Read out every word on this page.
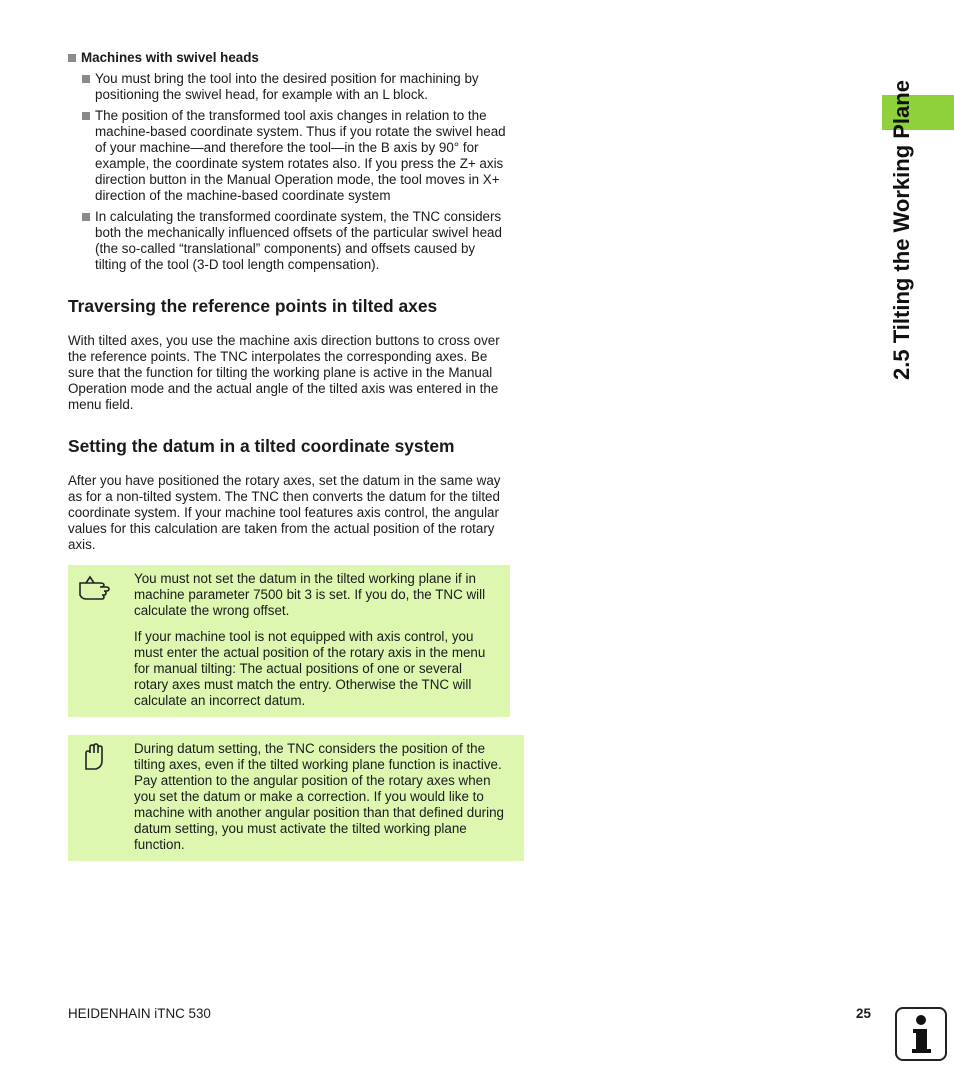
2.5 Tilting the Working Plane
Machines with swivel heads
You must bring the tool into the desired position for machining by positioning the swivel head, for example with an L block.
The position of the transformed tool axis changes in relation to the machine-based coordinate system. Thus if you rotate the swivel head of your machine—and therefore the tool—in the B axis by 90° for example, the coordinate system rotates also. If you press the Z+ axis direction button in the Manual Operation mode, the tool moves in X+ direction of the machine-based coordinate system
In calculating the transformed coordinate system, the TNC considers both the mechanically influenced offsets of the particular swivel head (the so-called “translational” components) and offsets caused by tilting of the tool (3-D tool length compensation).
Traversing the reference points in tilted axes

With tilted axes, you use the machine axis direction buttons to cross over the reference points. The TNC interpolates the corresponding axes. Be sure that the function for tilting the working plane is active in the Manual Operation mode and the actual angle of the tilted axis was entered in the menu field.

Setting the datum in a tilted coordinate system

After you have positioned the rotary axes, set the datum in the same way as for a non-tilted system. The TNC then converts the datum for the tilted coordinate system. If your machine tool features axis control, the angular values for this calculation are taken from the actual position of the rotary axis.

You must not set the datum in the tilted working plane if in machine parameter 7500 bit 3 is set. If you do, the TNC will calculate the wrong offset.

If your machine tool is not equipped with axis control, you must enter the actual position of the rotary axis in the menu for manual tilting: The actual positions of one or several rotary axes must match the entry. Otherwise the TNC will calculate an incorrect datum.

During datum setting, the TNC considers the position of the tilting axes, even if the tilted working plane function is inactive. Pay attention to the angular position of the rotary axes when you set the datum or make a correction. If you would like to machine with another angular position than that defined during datum setting, you must activate the tilted working plane function.

HEIDENHAIN iTNC 530	25
